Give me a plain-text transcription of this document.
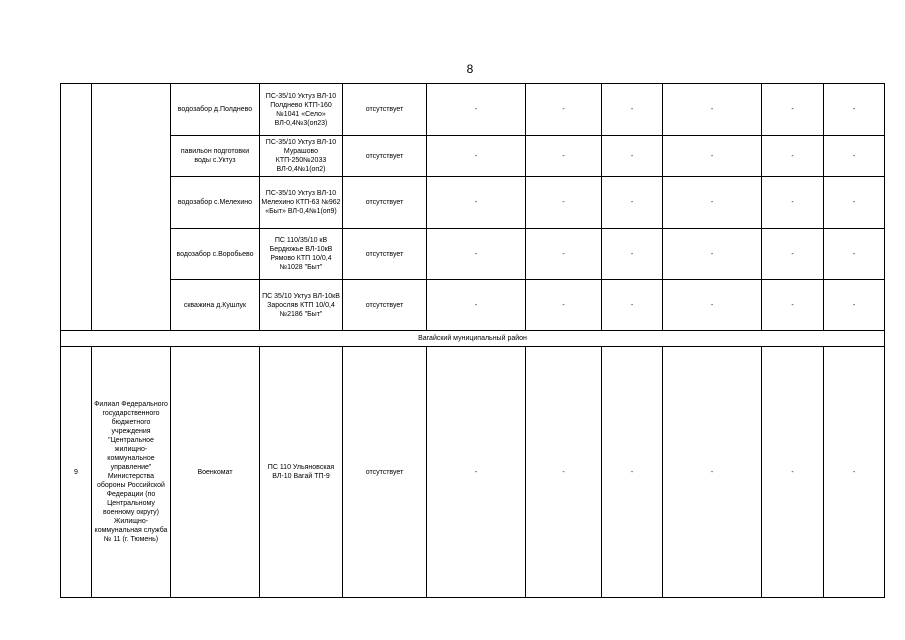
8
		водозабор д.Полднево	ПС-35/10 Уктуз ВЛ-10 Полднево КТП-160 №1041 «Село» ВЛ-0,4№3(оп23)	отсутствует	-	-	-	-	-	-
		павильон подготовки воды с.Уктуз	ПС-35/10 Уктуз ВЛ-10 Мурашово КТП-250№2033 ВЛ-0,4№1(оп2)	отсутствует	-	-	-	-	-	-
		водозабор с.Мелехино	ПС-35/10 Уктуз ВЛ-10 Мелехино КТП-63 №962 «Быт» ВЛ-0,4№1(оп9)	отсутствует	-	-	-	-	-	-
		водозабор с.Воробьево	ПС 110/35/10 кВ Бердюжье ВЛ-10кВ Рямово КТП 10/0,4 №1028 "Быт"	отсутствует	-	-	-	-	-	-
		скважина д.Кушлук	ПС 35/10 Уктуз ВЛ-10кВ Заросляв КТП 10/0,4 №2186 "Быт"	отсутствует	-	-	-	-	-	-
Вагайский муниципальный район										
9	Филиал Федерального государственного бюджетного учреждения "Центральное жилищно-коммунальное управление" Министерства обороны Российской Федерации (по Центральному военному округу) Жилищно-коммунальная служба № 11 (г. Тюмень)	Военкомат	ПС 110 Ульяновская ВЛ-10 Вагай ТП-9	отсутствует	-	-	-	-	-	-
